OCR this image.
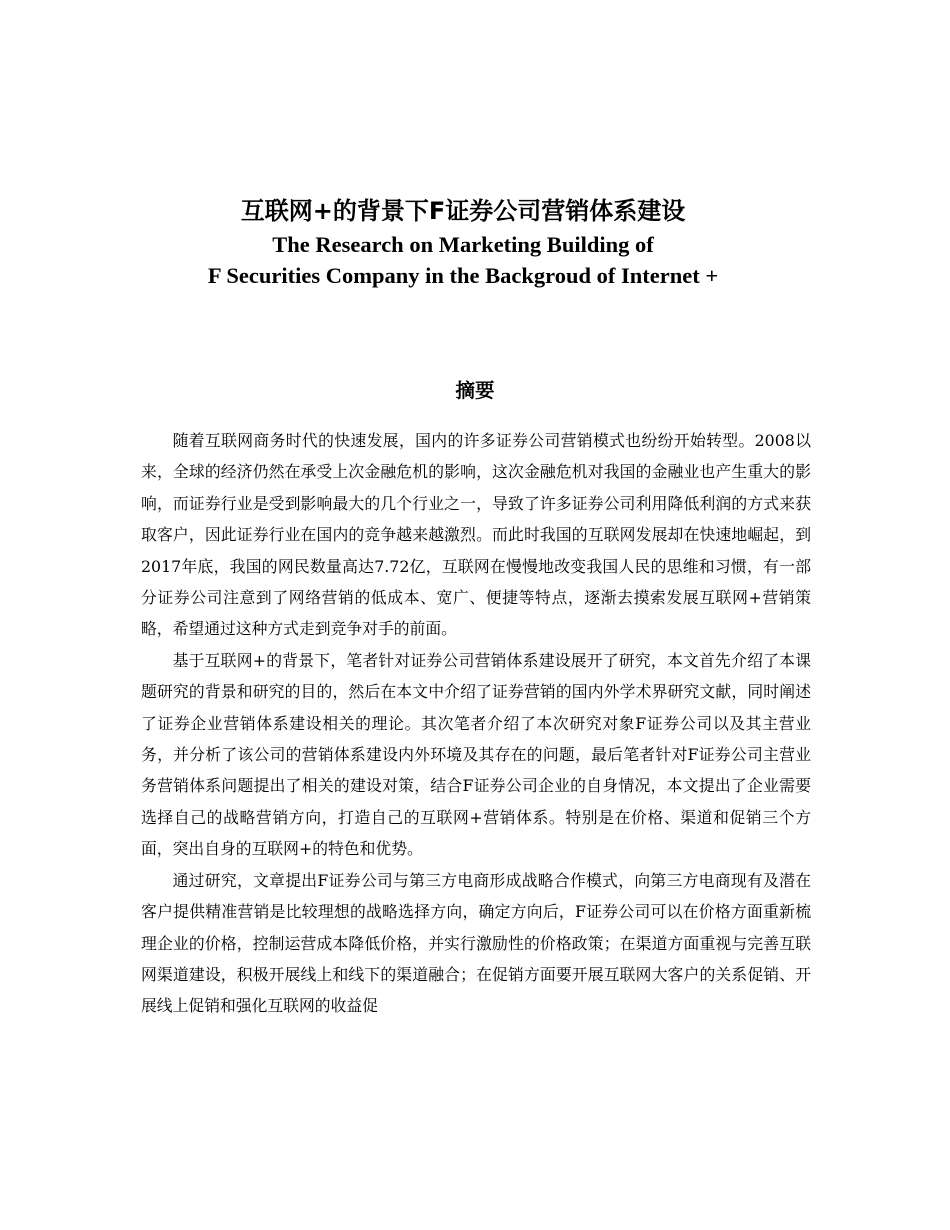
互联网+的背景下F证券公司营销体系建设
The Research on Marketing Building of
F Securities Company in the Backgroud of Internet +
摘要

随着互联网商务时代的快速发展，国内的许多证券公司营销模式也纷纷开始转型。2008以来，全球的经济仍然在承受上次金融危机的影响，这次金融危机对我国的金融业也产生重大的影响，而证券行业是受到影响最大的几个行业之一，导致了许多证券公司利用降低利润的方式来获取客户，因此证券行业在国内的竞争越来越激烈。而此时我国的互联网发展却在快速地崛起，到2017年底，我国的网民数量高达7.72亿，互联网在慢慢地改变我国人民的思维和习惯，有一部分证券公司注意到了网络营销的低成本、宽广、便捷等特点，逐渐去摸索发展互联网+营销策略，希望通过这种方式走到竞争对手的前面。

基于互联网+的背景下，笔者针对证券公司营销体系建设展开了研究，本文首先介绍了本课题研究的背景和研究的目的，然后在本文中介绍了证券营销的国内外学术界研究文献，同时阐述了证券企业营销体系建设相关的理论。其次笔者介绍了本次研究对象F证券公司以及其主营业务，并分析了该公司的营销体系建设内外环境及其存在的问题，最后笔者针对F证券公司主营业务营销体系问题提出了相关的建设对策，结合F证券公司企业的自身情况，本文提出了企业需要选择自己的战略营销方向，打造自己的互联网+营销体系。特别是在价格、渠道和促销三个方面，突出自身的互联网+的特色和优势。

通过研究，文章提出F证券公司与第三方电商形成战略合作模式，向第三方电商现有及潜在客户提供精准营销是比较理想的战略选择方向，确定方向后，F证券公司可以在价格方面重新梳理企业的价格，控制运营成本降低价格，并实行激励性的价格政策；在渠道方面重视与完善互联网渠道建设，积极开展线上和线下的渠道融合；在促销方面要开展互联网大客户的关系促销、开展线上促销和强化互联网的收益促
